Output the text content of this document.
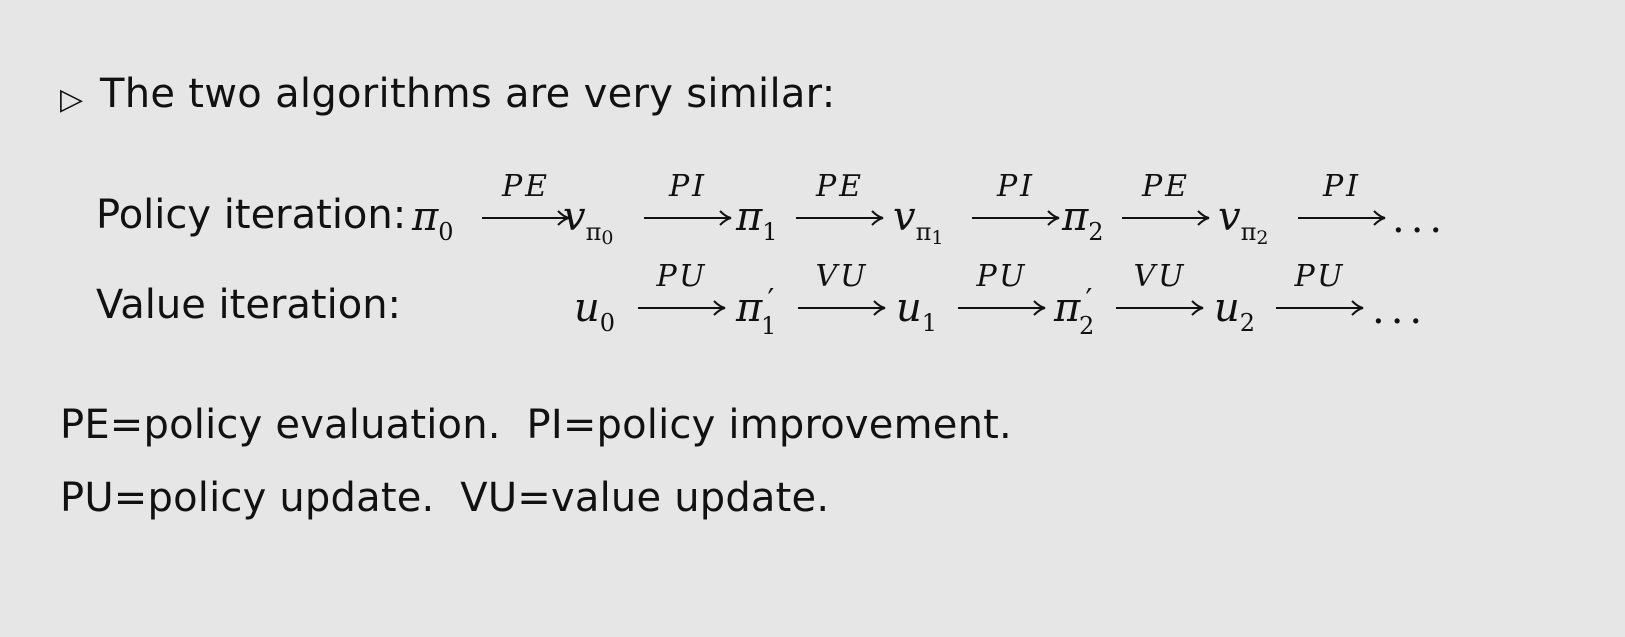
▷ The two algorithms are very similar:
Policy iteration: $\pi_0$
PE
$v_{\pi 0}$
PI
$\pi_1$
PE
$v_{\pi 1}$
PI
$\pi_2$
PE
$v_{\pi 2}$
PI
...
Value iteration:	$u_0$
PU
π ′
1
VU
$u_1$
PU
π ′
2
VU
$u_2$
PU
...
PE=policy evaluation.  PI=policy improvement.
PU=policy update.  VU=value update.
